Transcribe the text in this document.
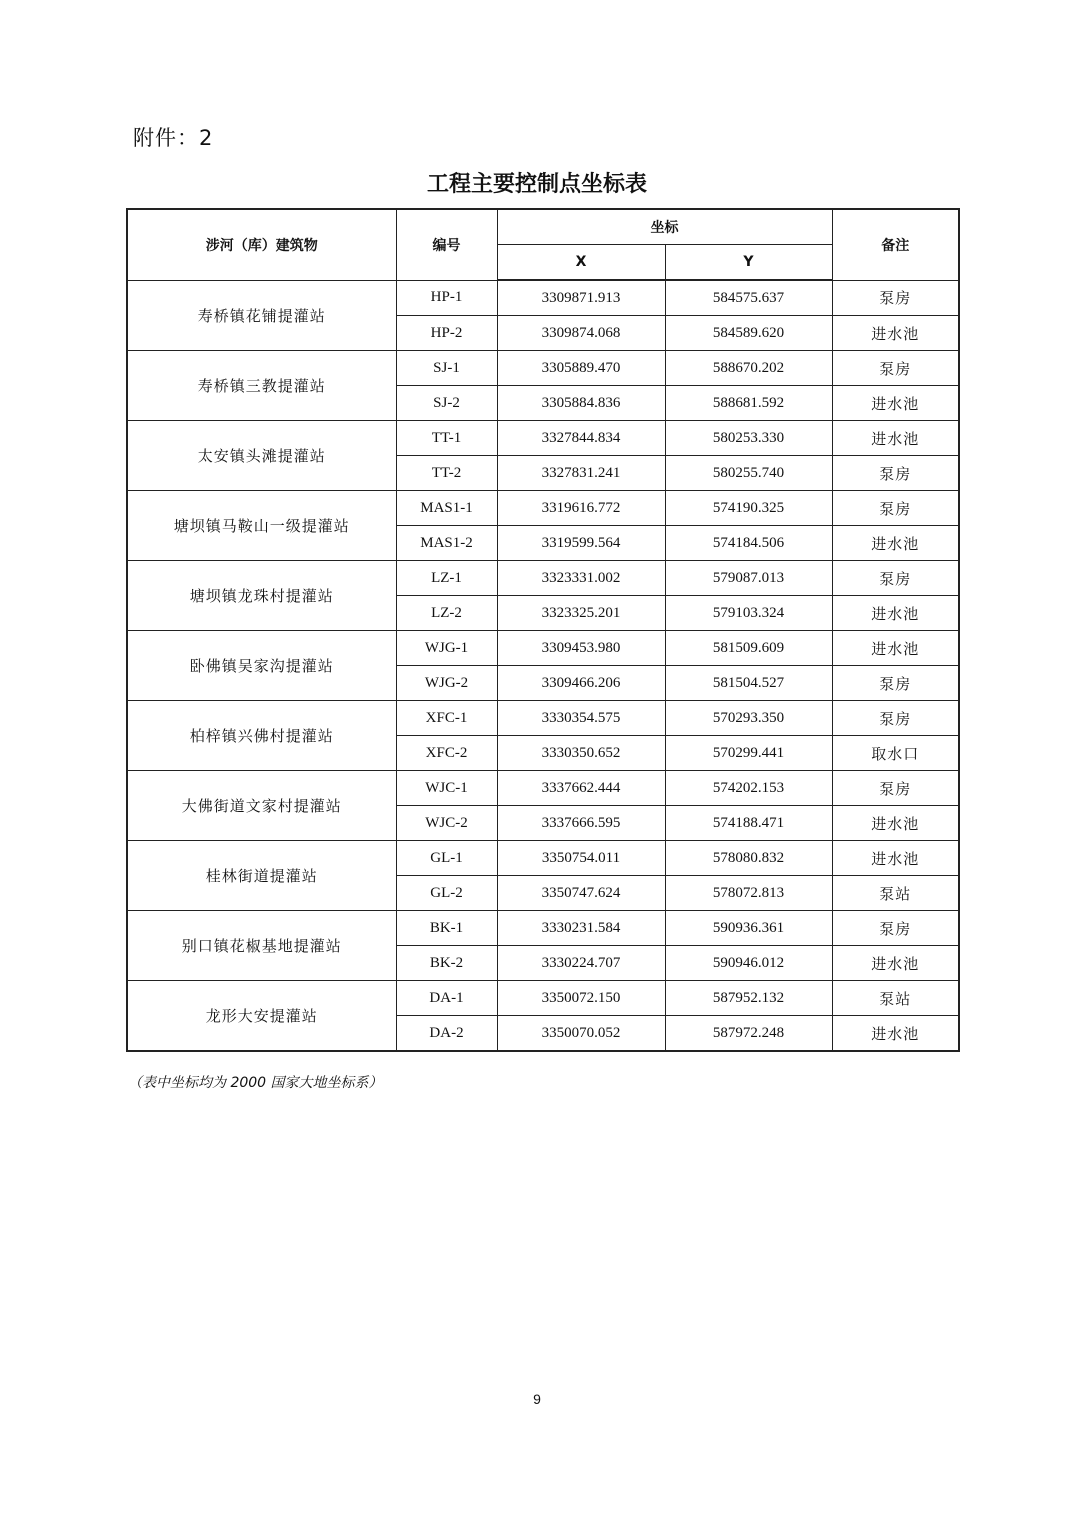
附件：2
工程主要控制点坐标表
涉河（库）建筑物	编号	坐标		备注
		X	Y	
寿桥镇花铺提灌站	HP-1	3309871.913	584575.637	泵房
	HP-2	3309874.068	584589.620	进水池
寿桥镇三教提灌站	SJ-1	3305889.470	588670.202	泵房
	SJ-2	3305884.836	588681.592	进水池
太安镇头滩提灌站	TT-1	3327844.834	580253.330	进水池
	TT-2	3327831.241	580255.740	泵房
塘坝镇马鞍山一级提灌站	MAS1-1	3319616.772	574190.325	泵房
	MAS1-2	3319599.564	574184.506	进水池
塘坝镇龙珠村提灌站	LZ-1	3323331.002	579087.013	泵房
	LZ-2	3323325.201	579103.324	进水池
卧佛镇吴家沟提灌站	WJG-1	3309453.980	581509.609	进水池
	WJG-2	3309466.206	581504.527	泵房
柏梓镇兴佛村提灌站	XFC-1	3330354.575	570293.350	泵房
	XFC-2	3330350.652	570299.441	取水口
大佛街道文家村提灌站	WJC-1	3337662.444	574202.153	泵房
	WJC-2	3337666.595	574188.471	进水池
桂林街道提灌站	GL-1	3350754.011	578080.832	进水池
	GL-2	3350747.624	578072.813	泵站
别口镇花椒基地提灌站	BK-1	3330231.584	590936.361	泵房
	BK-2	3330224.707	590946.012	进水池
龙形大安提灌站	DA-1	3350072.150	587952.132	泵站
	DA-2	3350070.052	587972.248	进水池
（表中坐标均为 2000 国家大地坐标系）
9
